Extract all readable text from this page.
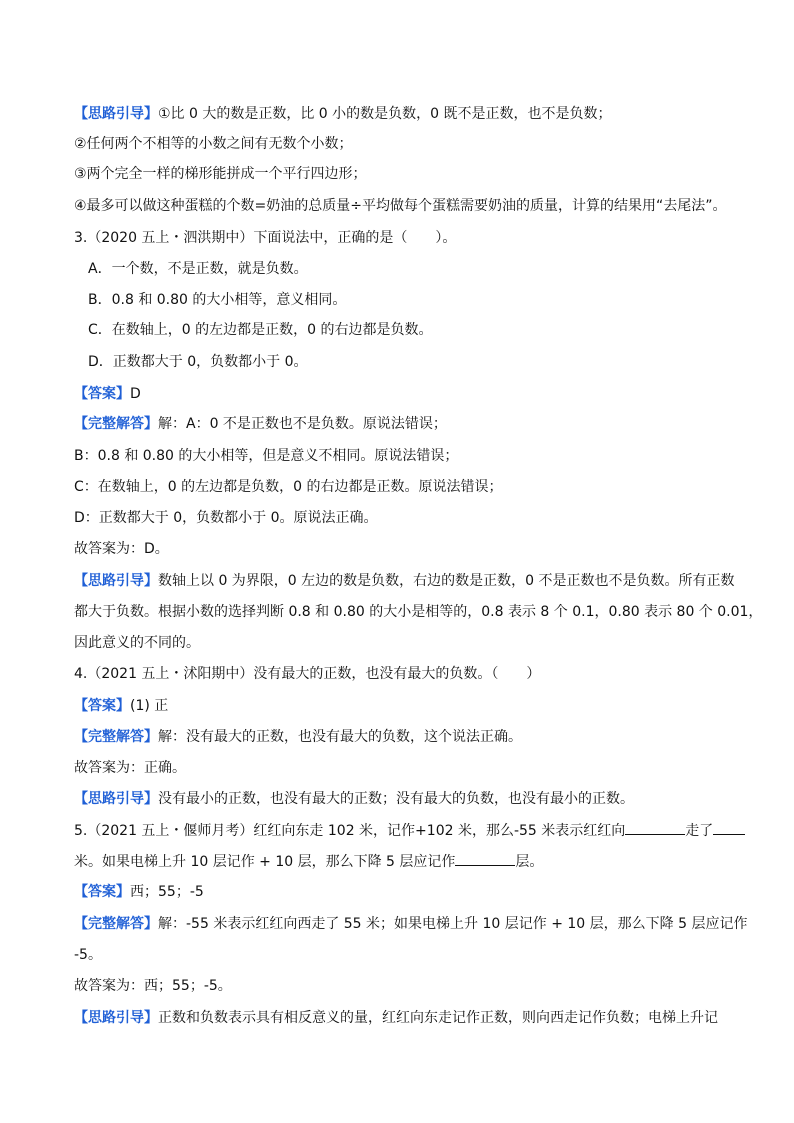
【思路引导】①比 0 大的数是正数，比 0 小的数是负数，0 既不是正数，也不是负数；
②任何两个不相等的小数之间有无数个小数；
③两个完全一样的梯形能拼成一个平行四边形；
④最多可以做这种蛋糕的个数=奶油的总质量÷平均做每个蛋糕需要奶油的质量，计算的结果用“去尾法”。
3.（2020 五上・泗洪期中）下面说法中，正确的是（　　）。
A．一个数，不是正数，就是负数。
B．0.8 和 0.80 的大小相等，意义相同。
C．在数轴上，0 的左边都是正数，0 的右边都是负数。
D．正数都大于 0，负数都小于 0。
【答案】D
【完整解答】解：A：0 不是正数也不是负数。原说法错误；
B：0.8 和 0.80 的大小相等，但是意义不相同。原说法错误；
C：在数轴上，0 的左边都是负数，0 的右边都是正数。原说法错误；
D：正数都大于 0，负数都小于 0。原说法正确。
故答案为：D。
【思路引导】数轴上以 0 为界限，0 左边的数是负数，右边的数是正数，0 不是正数也不是负数。所有正数
都大于负数。根据小数的选择判断 0.8 和 0.80 的大小是相等的，0.8 表示 8 个 0.1，0.80 表示 80 个 0.01，
因此意义的不同的。
4.（2021 五上・沭阳期中）没有最大的正数，也没有最大的负数。（　　）
【答案】(1) 正
【完整解答】解：没有最大的正数，也没有最大的负数，这个说法正确。
故答案为：正确。
【思路引导】没有最小的正数，也没有最大的正数；没有最大的负数，也没有最小的正数。
5.（2021 五上・偃师月考）红红向东走 102 米，记作+102 米，那么-55 米表示红红向	走了
米。如果电梯上升 10 层记作 + 10 层，那么下降 5 层应记作	层。
【答案】西；55；-5
【完整解答】解：-55 米表示红红向西走了 55 米；如果电梯上升 10 层记作 + 10 层，那么下降 5 层应记作
-5。
故答案为：西；55；-5。
【思路引导】正数和负数表示具有相反意义的量，红红向东走记作正数，则向西走记作负数；电梯上升记
